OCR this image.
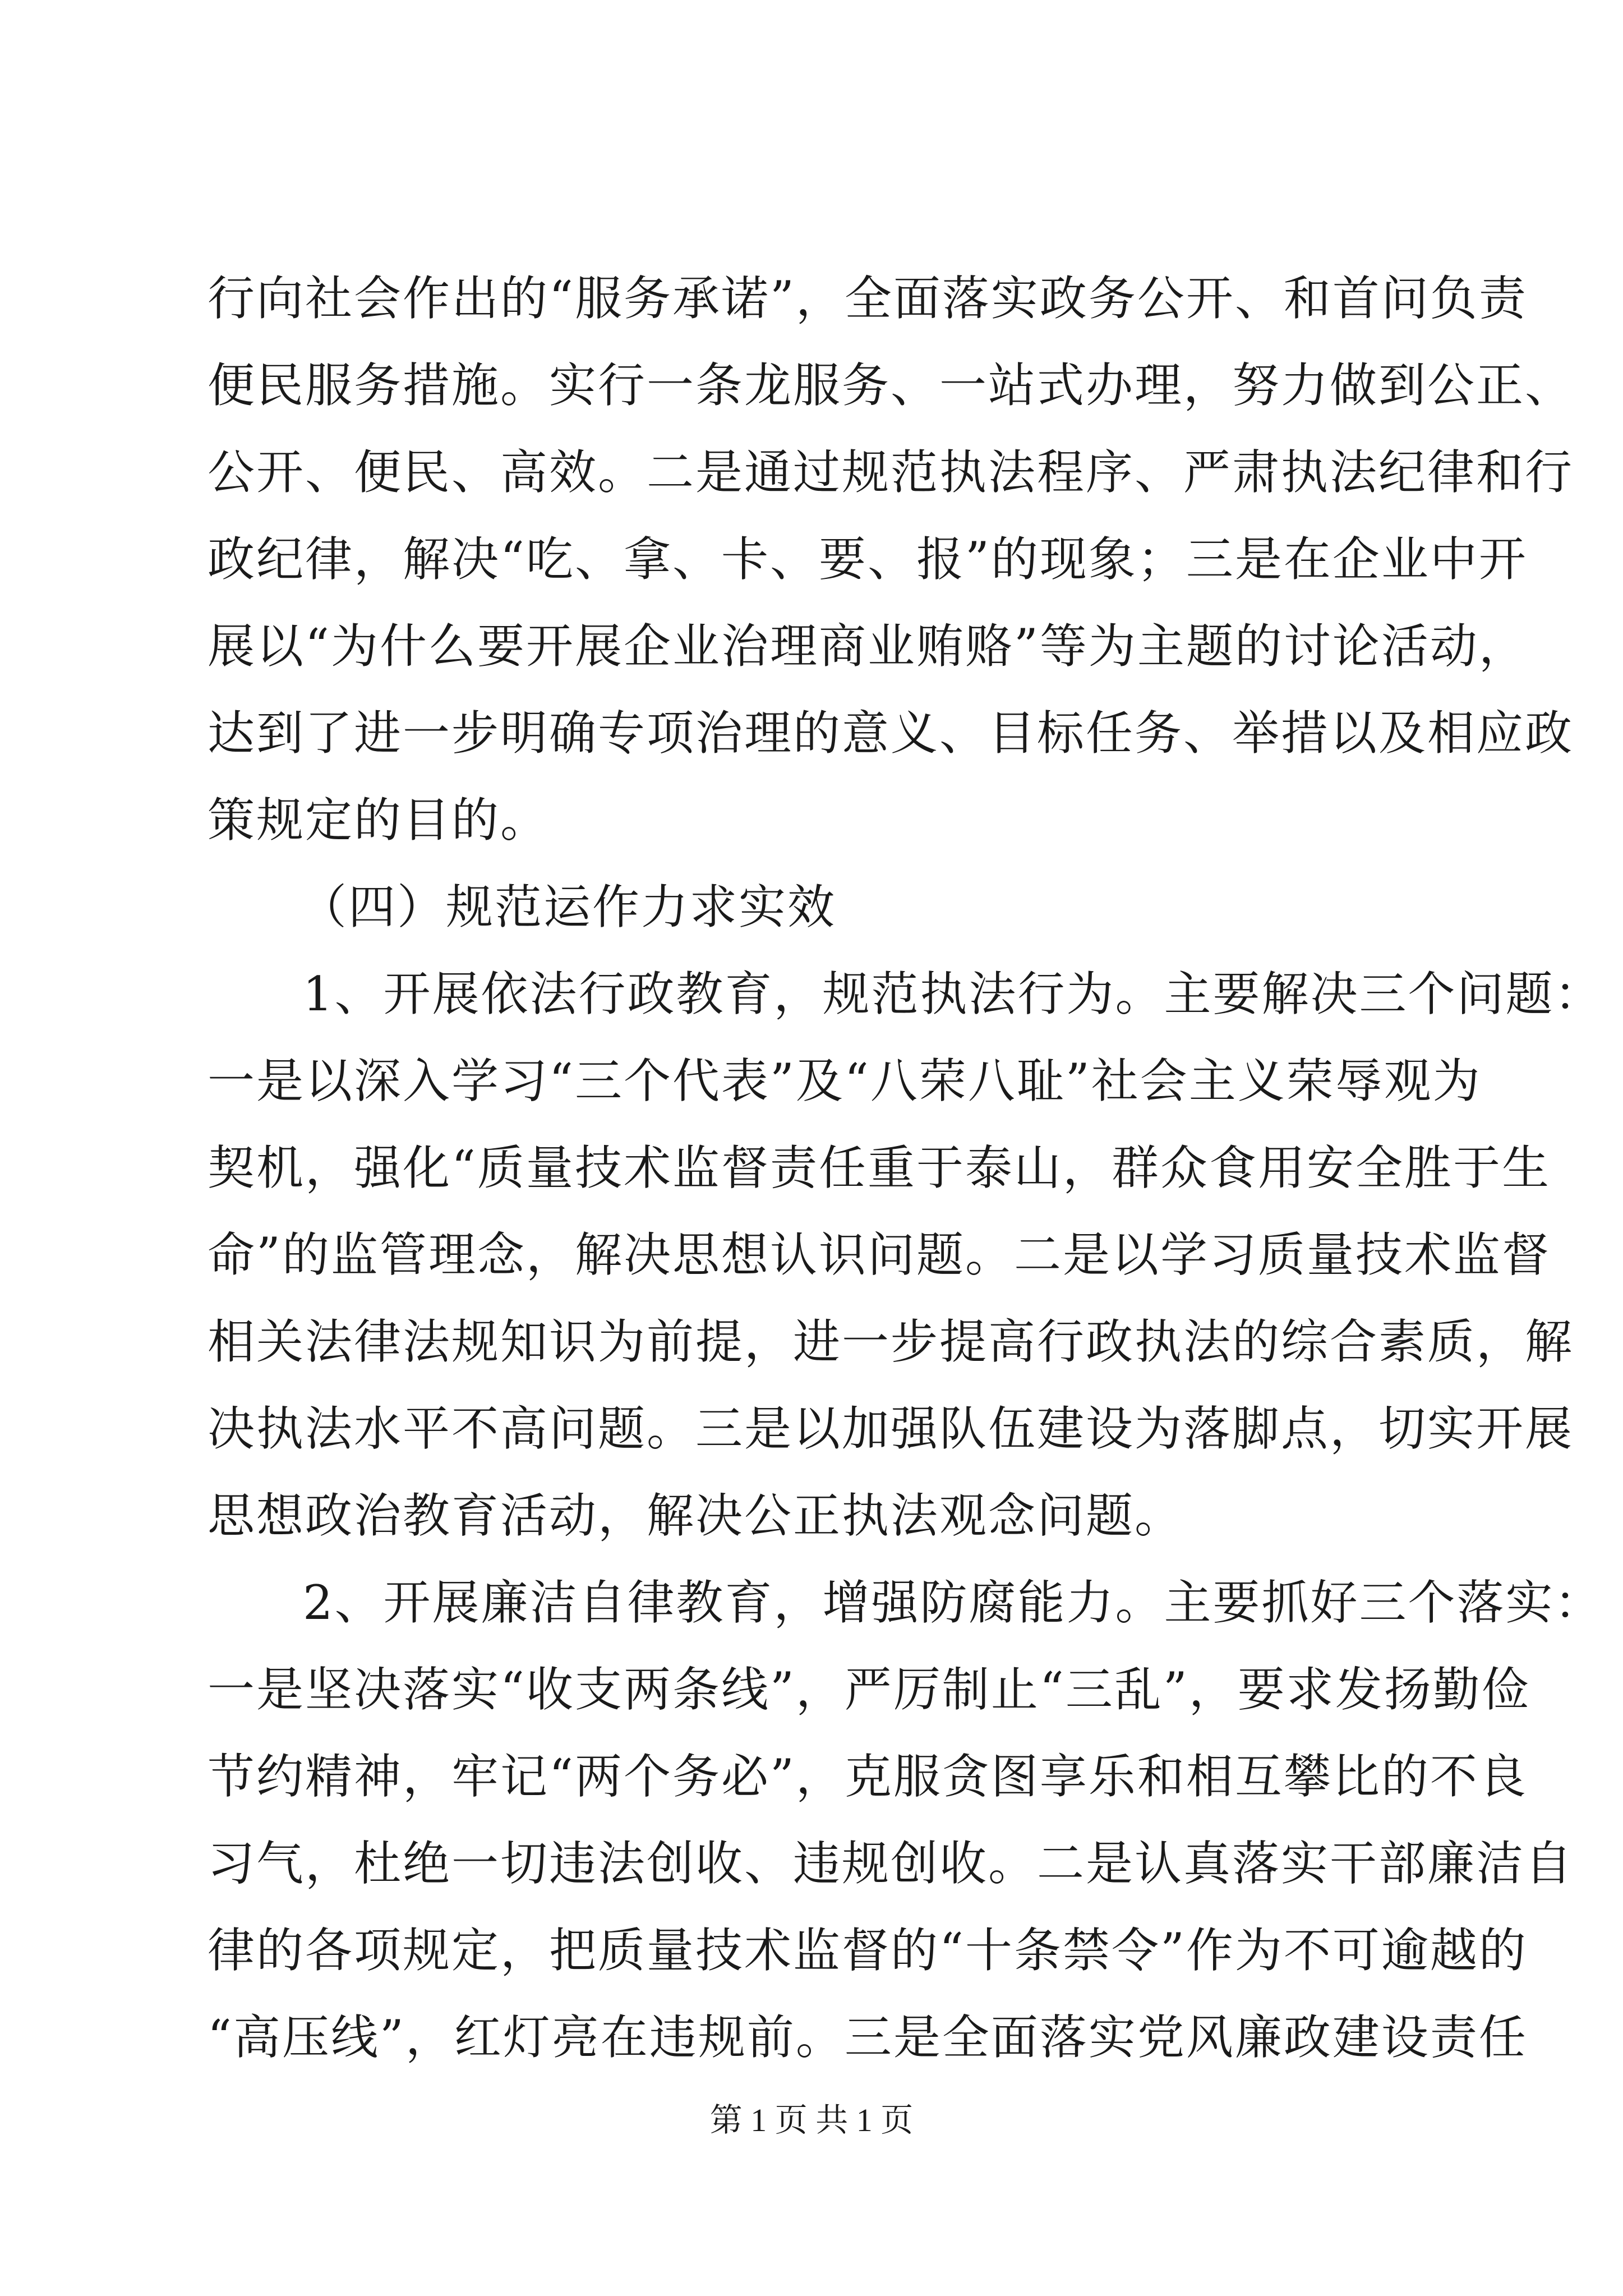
行向社会作出的“服务承诺”，全面落实政务公开、和首问负责
便民服务措施。实行一条龙服务、一站式办理，努力做到公正、
公开、便民、高效。二是通过规范执法程序、严肃执法纪律和行
政纪律，解决“吃、拿、卡、要、报”的现象；三是在企业中开
展以“为什么要开展企业治理商业贿赂”等为主题的讨论活动，
达到了进一步明确专项治理的意义、目标任务、举措以及相应政
策规定的目的。
（四）规范运作力求实效
1、开展依法行政教育，规范执法行为。主要解决三个问题：
一是以深入学习“三个代表”及“八荣八耻”社会主义荣辱观为
契机，强化“质量技术监督责任重于泰山，群众食用安全胜于生
命”的监管理念，解决思想认识问题。二是以学习质量技术监督
相关法律法规知识为前提，进一步提高行政执法的综合素质，解
决执法水平不高问题。三是以加强队伍建设为落脚点，切实开展
思想政治教育活动，解决公正执法观念问题。
2、开展廉洁自律教育，增强防腐能力。主要抓好三个落实：
一是坚决落实“收支两条线”，严厉制止“三乱”，要求发扬勤俭
节约精神，牢记“两个务必”，克服贪图享乐和相互攀比的不良
习气，杜绝一切违法创收、违规创收。二是认真落实干部廉洁自
律的各项规定，把质量技术监督的“十条禁令”作为不可逾越的
“高压线”，红灯亮在违规前。三是全面落实党风廉政建设责任
第 1 页 共 1 页
